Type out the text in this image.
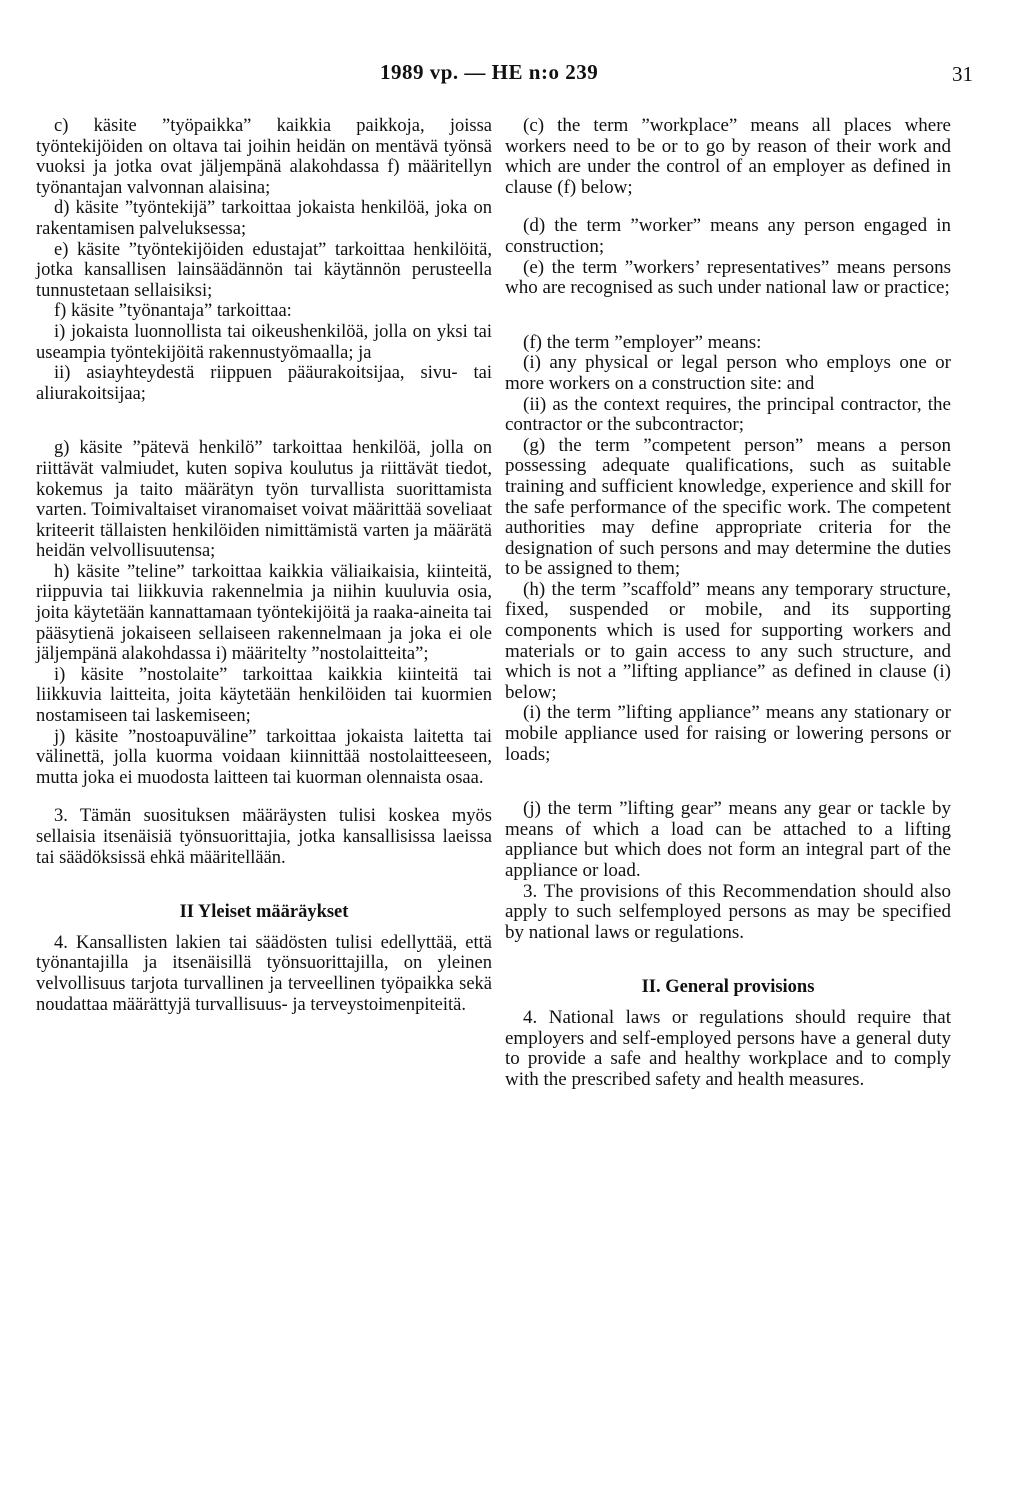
1989 vp. — HE n:o 239	31

c) käsite ”työpaikka” kaikkia paikkoja, joissa työntekijöiden on oltava tai joihin heidän on mentävä työnsä vuoksi ja jotka ovat jäljempänä alakohdassa f) määritellyn työnantajan valvonnan alaisina;

d) käsite ”työntekijä” tarkoittaa jokaista henkilöä, joka on rakentamisen palveluksessa;

e) käsite ”työntekijöiden edustajat” tarkoittaa henkilöitä, jotka kansallisen lainsäädännön tai käytännön perusteella tunnustetaan sellaisiksi;

f) käsite ”työnantaja” tarkoittaa:

i) jokaista luonnollista tai oikeushenkilöä, jolla on yksi tai useampia työntekijöitä rakennustyömaalla; ja

ii) asiayhteydestä riippuen pääurakoitsijaa, sivu- tai aliurakoitsijaa;

g) käsite ”pätevä henkilö” tarkoittaa henkilöä, jolla on riittävät valmiudet, kuten sopiva koulutus ja riittävät tiedot, kokemus ja taito määrätyn työn turvallista suorittamista varten. Toimivaltaiset viranomaiset voivat määrittää soveliaat kriteerit tällaisten henkilöiden nimittämistä varten ja määrätä heidän velvollisuutensa;

h) käsite ”teline” tarkoittaa kaikkia väliaikaisia, kiinteitä, riippuvia tai liikkuvia rakennelmia ja niihin kuuluvia osia, joita käytetään kannattamaan työntekijöitä ja raaka-aineita tai pääsytienä jokaiseen sellaiseen rakennelmaan ja joka ei ole jäljempänä alakohdassa i) määritelty ”nostolaitteita”;

i) käsite ”nostolaite” tarkoittaa kaikkia kiinteitä tai liikkuvia laitteita, joita käytetään henkilöiden tai kuormien nostamiseen tai laskemiseen;

j) käsite ”nostoapuväline” tarkoittaa jokaista laitetta tai välinettä, jolla kuorma voidaan kiinnittää nostolaitteeseen, mutta joka ei muodosta laitteen tai kuorman olennaista osaa.

3. Tämän suosituksen määräysten tulisi koskea myös sellaisia itsenäisiä työnsuorittajia, jotka kansallisissa laeissa tai säädöksissä ehkä määritellään.

II Yleiset määräykset

4. Kansallisten lakien tai säädösten tulisi edellyttää, että työnantajilla ja itsenäisillä työnsuorittajilla, on yleinen velvollisuus tarjota turvallinen ja terveellinen työpaikka sekä noudattaa määrättyjä turvallisuus- ja terveystoimenpiteitä.

(c) the term ”workplace” means all places where workers need to be or to go by reason of their work and which are under the control of an employer as defined in clause (f) below;

(d) the term ”worker” means any person engaged in construction;

(e) the term ”workers’ representatives” means persons who are recognised as such under national law or practice;

(f) the term ”employer” means:

(i) any physical or legal person who employs one or more workers on a construction site: and

(ii) as the context requires, the principal contractor, the contractor or the subcontractor;

(g) the term ”competent person” means a person possessing adequate qualifications, such as suitable training and sufficient knowledge, experience and skill for the safe performance of the specific work. The competent authorities may define appropriate criteria for the designation of such persons and may determine the duties to be assigned to them;

(h) the term ”scaffold” means any temporary structure, fixed, suspended or mobile, and its supporting components which is used for supporting workers and materials or to gain access to any such structure, and which is not a ”lifting appliance” as defined in clause (i) below;

(i) the term ”lifting appliance” means any stationary or mobile appliance used for raising or lowering persons or loads;

(j) the term ”lifting gear” means any gear or tackle by means of which a load can be attached to a lifting appliance but which does not form an integral part of the appliance or load.

3. The provisions of this Recommendation should also apply to such selfemployed persons as may be specified by national laws or regulations.

II. General provisions

4. National laws or regulations should require that employers and self-employed persons have a general duty to provide a safe and healthy workplace and to comply with the prescribed safety and health measures.
